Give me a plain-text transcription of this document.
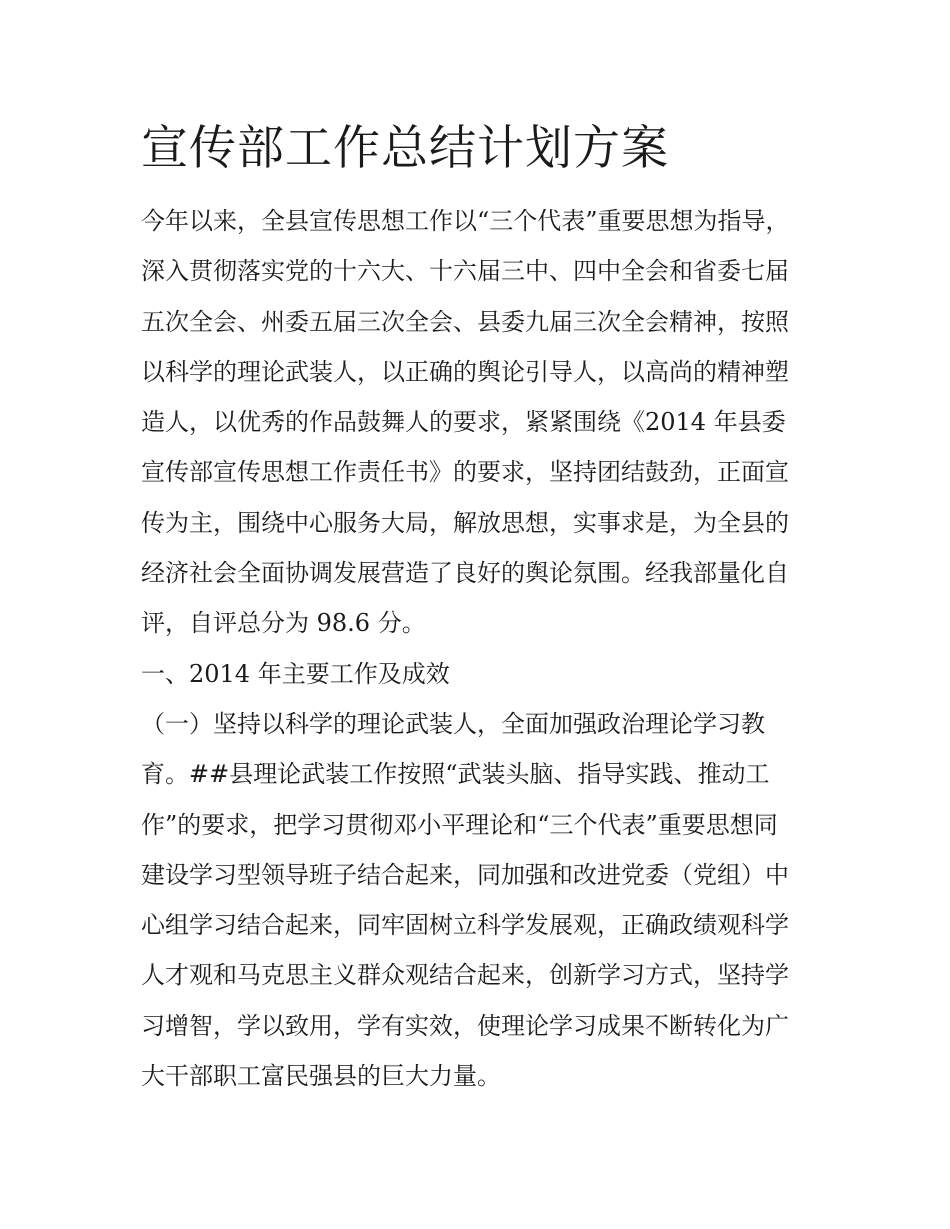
宣传部工作总结计划方案

今年以来，全县宣传思想工作以“三个代表”重要思想为指导，
深入贯彻落实党的十六大、十六届三中、四中全会和省委七届
五次全会、州委五届三次全会、县委九届三次全会精神，按照
以科学的理论武装人，以正确的舆论引导人，以高尚的精神塑
造人，以优秀的作品鼓舞人的要求，紧紧围绕《2014 年县委
宣传部宣传思想工作责任书》的要求，坚持团结鼓劲，正面宣
传为主，围绕中心服务大局，解放思想，实事求是，为全县的
经济社会全面协调发展营造了良好的舆论氛围。经我部量化自
评，自评总分为 98.6 分。

一、2014 年主要工作及成效

（一）坚持以科学的理论武装人，全面加强政治理论学习教
育。##县理论武装工作按照“武装头脑、指导实践、推动工
作”的要求，把学习贯彻邓小平理论和“三个代表”重要思想同
建设学习型领导班子结合起来，同加强和改进党委（党组）中
心组学习结合起来，同牢固树立科学发展观，正确政绩观科学
人才观和马克思主义群众观结合起来，创新学习方式，坚持学
习增智，学以致用，学有实效，使理论学习成果不断转化为广
大干部职工富民强县的巨大力量。
